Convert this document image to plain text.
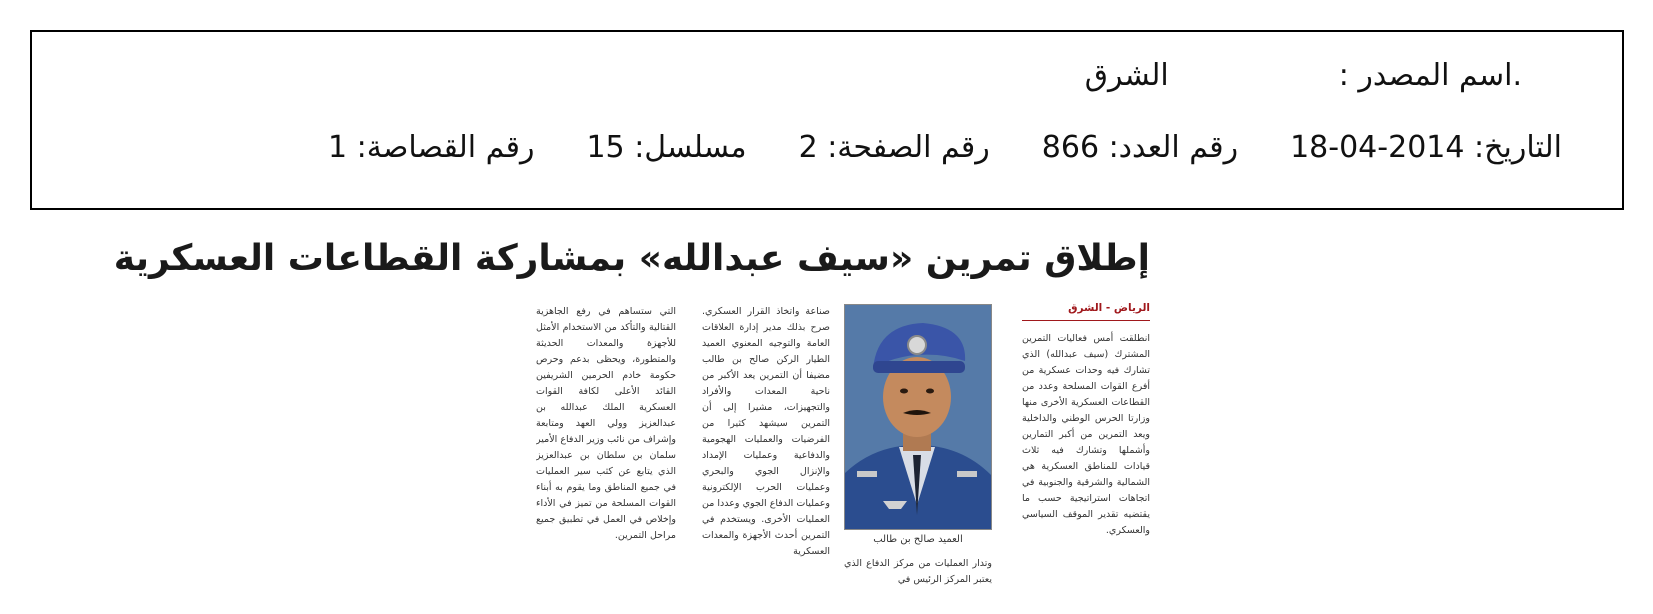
.اسم المصدر :الشرق
التاريخ: 2014-04-18رقم العدد: 866رقم الصفحة: 2مسلسل: 15رقم القصاصة: 1
إطلاق تمرين «سيف عبدالله» بمشاركة القطاعات العسكرية
الرياض - الشرق
انطلقت أمس فعاليات التمرين المشترك (سيف عبدالله) الذي تشارك فيه وحدات عسكرية من أفرع القوات المسلحة وعدد من القطاعات العسكرية الأخرى منها وزارتا الحرس الوطني والداخلية ويعد التمرين من أكبر التمارين وأشملها وتشارك فيه ثلاث قيادات للمناطق العسكرية هي الشمالية والشرقية والجنوبية في اتجاهات استراتيجية حسب ما يقتضيه تقدير الموقف السياسي والعسكري.
العميد صالح بن طالب
وتدار العمليات من مركز الدفاع الذي يعتبر المركز الرئيس في
صناعة واتخاذ القرار العسكري. صرح بذلك مدير إدارة العلاقات العامة والتوجيه المعنوي العميد الطيار الركن صالح بن طالب مضيفا أن التمرين يعد الأكبر من ناحية المعدات والأفراد والتجهيزات، مشيرا إلى أن التمرين سيشهد كثيرا من الفرضيات والعمليات الهجومية والدفاعية وعمليات الإمداد والإنزال الجوي والبحري وعمليات الحرب الإلكترونية وعمليات الدفاع الجوي وعددا من العمليات الأخرى. ويستخدم في التمرين أحدث الأجهزة والمعدات العسكرية
التي ستساهم في رفع الجاهزية القتالية والتأكد من الاستخدام الأمثل للأجهزة والمعدات الحديثة والمتطورة، ويحظى بدعم وحرص حكومة خادم الحرمين الشريفين القائد الأعلى لكافة القوات العسكرية الملك عبدالله بن عبدالعزيز وولي العهد ومتابعة وإشراف من نائب وزير الدفاع الأمير سلمان بن سلطان بن عبدالعزيز الذي يتابع عن كثب سير العمليات في جميع المناطق وما يقوم به أبناء القوات المسلحة من تميز في الأداء وإخلاص في العمل في تطبيق جميع مراحل التمرين.
